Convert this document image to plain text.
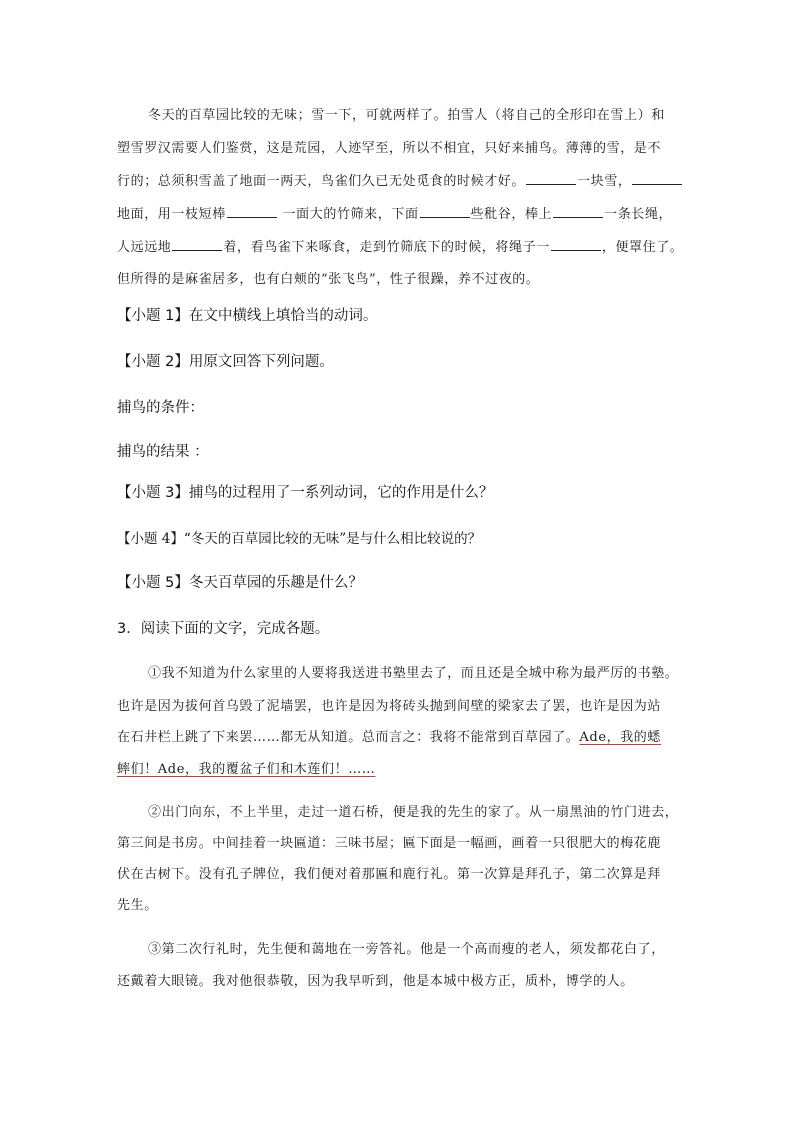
冬天的百草园比较的无味；雪一下，可就两样了。拍雪人（将自己的全形印在雪上）和
塑雪罗汉需要人们鉴赏，这是荒园，人迹罕至，所以不相宜，只好来捕鸟。薄薄的雪，是不
行的；总须积雪盖了地面一两天，鸟雀们久已无处觅食的时候才好。	一块雪，
地面，用一枝短棒	一面大的竹筛来，下面	些秕谷，棒上	一条长绳，
人远远地	着，看鸟雀下来啄食，走到竹筛底下的时候，将绳子一	，便罩住了。
但所得的是麻雀居多，也有白颊的“张飞鸟”，性子很躁，养不过夜的。
【小题 1】在文中横线上填恰当的动词。
【小题 2】用原文回答下列问题。
捕鸟的条件：
捕鸟的结果 ：
【小题 3】捕鸟的过程用了一系列动词，它的作用是什么？
【小题 4】“冬天的百草园比较的无味”是与什么相比较说的？
【小题 5】冬天百草园的乐趣是什么？
3．阅读下面的文字，完成各题。
①我不知道为什么家里的人要将我送进书塾里去了，而且还是全城中称为最严厉的书塾。
也许是因为拔何首乌毁了泥墙罢，也许是因为将砖头抛到间壁的梁家去了罢，也许是因为站
在石井栏上跳了下来罢……都无从知道。总而言之：我将不能常到百草园了。Ade，我的蟋
蟀们！Ade，我的覆盆子们和木莲们！……
②出门向东，不上半里，走过一道石桥，便是我的先生的家了。从一扇黑油的竹门进去，
第三间是书房。中间挂着一块匾道：三味书屋；匾下面是一幅画，画着一只很肥大的梅花鹿
伏在古树下。没有孔子牌位，我们便对着那匾和鹿行礼。第一次算是拜孔子，第二次算是拜
先生。
③第二次行礼时，先生便和蔼地在一旁答礼。他是一个高而瘦的老人，须发都花白了，
还戴着大眼镜。我对他很恭敬，因为我早听到，他是本城中极方正，质朴，博学的人。
